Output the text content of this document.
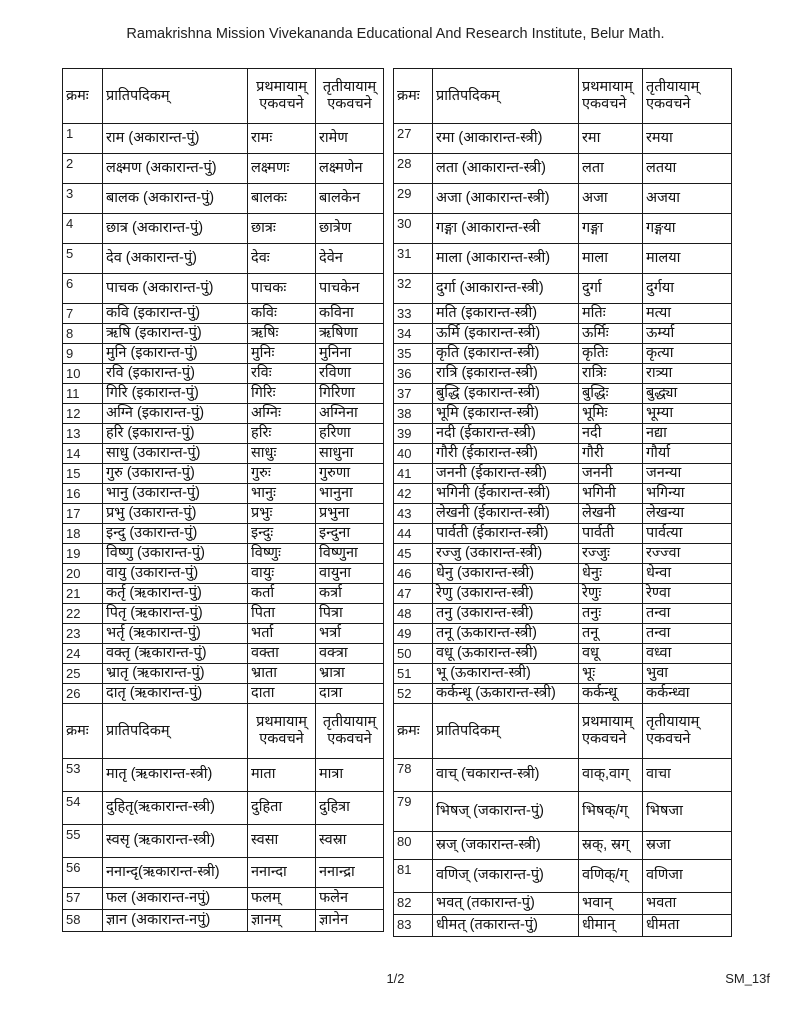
Ramakrishna Mission Vivekananda Educational And Research Institute, Belur Math.
क्रमः	प्रातिपदिकम्	प्रथमायाम् एकवचने	तृतीयायाम् एकवचने
1	राम (अकारान्त-पुं)	रामः	रामेण
2	लक्ष्मण (अकारान्त-पुं)	लक्ष्मणः	लक्ष्मणेन
3	बालक (अकारान्त-पुं)	बालकः	बालकेन
4	छात्र (अकारान्त-पुं)	छात्रः	छात्रेण
5	देव (अकारान्त-पुं)	देवः	देवेन
6	पाचक (अकारान्त-पुं)	पाचकः	पाचकेन
7	कवि (इकारान्त-पुं)	कविः	कविना
8	ऋषि (इकारान्त-पुं)	ऋषिः	ऋषिणा
9	मुनि (इकारान्त-पुं)	मुनिः	मुनिना
10	रवि (इकारान्त-पुं)	रविः	रविणा
11	गिरि (इकारान्त-पुं)	गिरिः	गिरिणा
12	अग्नि (इकारान्त-पुं)	अग्निः	अग्निना
13	हरि (इकारान्त-पुं)	हरिः	हरिणा
14	साधु (उकारान्त-पुं)	साधुः	साधुना
15	गुरु (उकारान्त-पुं)	गुरुः	गुरुणा
16	भानु (उकारान्त-पुं)	भानुः	भानुना
17	प्रभु (उकारान्त-पुं)	प्रभुः	प्रभुना
18	इन्दु (उकारान्त-पुं)	इन्दुः	इन्दुना
19	विष्णु (उकारान्त-पुं)	विष्णुः	विष्णुना
20	वायु (उकारान्त-पुं)	वायुः	वायुना
21	कर्तृ (ऋकारान्त-पुं)	कर्ता	कर्त्रा
22	पितृ (ऋकारान्त-पुं)	पिता	पित्रा
23	भर्तृ (ऋकारान्त-पुं)	भर्ता	भर्त्रा
24	वक्तृ (ऋकारान्त-पुं)	वक्ता	वक्त्रा
25	भ्रातृ (ऋकारान्त-पुं)	भ्राता	भ्रात्रा
26	दातृ (ऋकारान्त-पुं)	दाता	दात्रा
क्रमः	प्रातिपदिकम्	प्रथमायाम् एकवचने	तृतीयायाम् एकवचने
53	मातृ (ऋकारान्त-स्त्री)	माता	मात्रा
54	दुहितृ(ऋकारान्त-स्त्री)	दुहिता	दुहित्रा
55	स्वसृ (ऋकारान्त-स्त्री)	स्वसा	स्वस्रा
56	ननान्दृ(ऋकारान्त-स्त्री)	ननान्दा	ननान्द्रा
57	फल (अकारान्त-नपुं)	फलम्	फलेन
58	ज्ञान (अकारान्त-नपुं)	ज्ञानम्	ज्ञानेन
क्रमः	प्रातिपदिकम्	प्रथमायाम् एकवचने	तृतीयायाम् एकवचने
27	रमा (आकारान्त-स्त्री)	रमा	रमया
28	लता (आकारान्त-स्त्री)	लता	लतया
29	अजा (आकारान्त-स्त्री)	अजा	अजया
30	गङ्गा (आकारान्त-स्त्री	गङ्गा	गङ्गया
31	माला (आकारान्त-स्त्री)	माला	मालया
32	दुर्गा (आकारान्त-स्त्री)	दुर्गा	दुर्गया
33	मति (इकारान्त-स्त्री)	मतिः	मत्या
34	ऊर्मि (इकारान्त-स्त्री)	ऊर्मिः	ऊर्म्या
35	कृति (इकारान्त-स्त्री)	कृतिः	कृत्या
36	रात्रि (इकारान्त-स्त्री)	रात्रिः	रात्र्या
37	बुद्धि (इकारान्त-स्त्री)	बुद्धिः	बुद्ध्या
38	भूमि (इकारान्त-स्त्री)	भूमिः	भूम्या
39	नदी (ईकारान्त-स्त्री)	नदी	नद्या
40	गौरी (ईकारान्त-स्त्री)	गौरी	गौर्या
41	जननी (ईकारान्त-स्त्री)	जननी	जनन्या
42	भगिनी (ईकारान्त-स्त्री)	भगिनी	भगिन्या
43	लेखनी (ईकारान्त-स्त्री)	लेखनी	लेखन्या
44	पार्वती (ईकारान्त-स्त्री)	पार्वती	पार्वत्या
45	रज्जु (उकारान्त-स्त्री)	रज्जुः	रज्ज्वा
46	धेनु (उकारान्त-स्त्री)	धेनुः	धेन्वा
47	रेणु (उकारान्त-स्त्री)	रेणुः	रेण्वा
48	तनु (उकारान्त-स्त्री)	तनुः	तन्वा
49	तनू (ऊकारान्त-स्त्री)	तनू	तन्वा
50	वधू (ऊकारान्त-स्त्री)	वधू	वध्वा
51	भू (ऊकारान्त-स्त्री)	भूः	भुवा
52	कर्कन्धू (ऊकारान्त-स्त्री)	कर्कन्धू	कर्कन्ध्वा
क्रमः	प्रातिपदिकम्	प्रथमायाम् एकवचने	तृतीयायाम् एकवचने
78	वाच् (चकारान्त-स्त्री)	वाक्,वाग्	वाचा
79	भिषज् (जकारान्त-पुं)	भिषक्/ग्	भिषजा
80	स्रज् (जकारान्त-स्त्री)	स्रक्, स्रग्	स्रजा
81	वणिज् (जकारान्त-पुं)	वणिक्/ग्	वणिजा
82	भवत् (तकारान्त-पुं)	भवान्	भवता
83	धीमत् (तकारान्त-पुं)	धीमान्	धीमता
1/2	SM_13f
